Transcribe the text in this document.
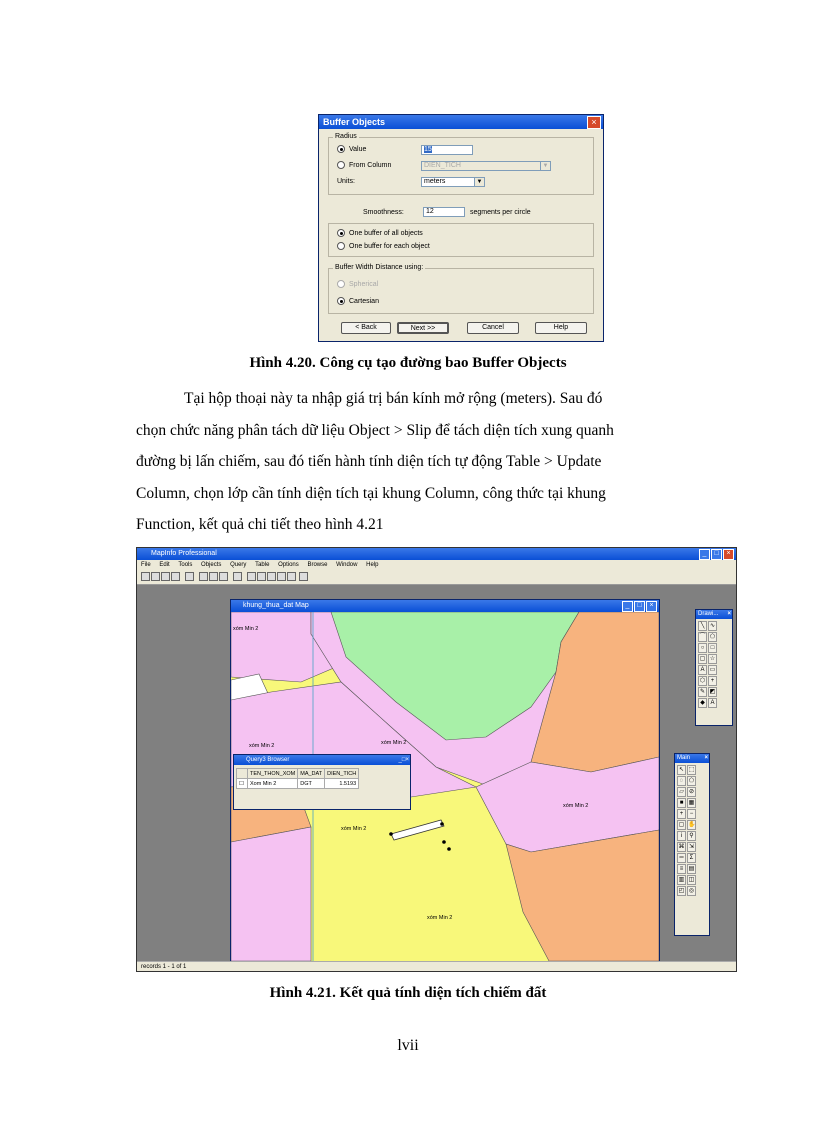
Buffer Objects	×
Radius
Value	15
From Column	DIEN_TICH	▼
Units:	meters	▼
Smoothness:	12	segments per circle
One buffer of all objects
One buffer for each object
Buffer Width Distance using:
Spherical
Cartesian
< Back	Next >>	Cancel	Help
Hình 4.20. Công cụ tạo đường bao Buffer Objects

Tại hộp thoại này ta nhập giá trị bán kính mở rộng (meters). Sau đó

chọn chức năng phân tách dữ liệu Object > Slip để tách diện tích xung quanh

đường bị lấn chiếm, sau đó tiến hành tính diện tích tự động Table > Update

Column, chọn lớp cần tính diện tích tại khung Column, công thức tại khung

Function, kết quả chi tiết theo hình 4.21

MapInfo Professional	_ □ ×
File Edit Tools Objects Query Table Options Browse Window Help
khung_thua_dat Map	_ □ ×
xóm Min 2
xóm Min 2	xóm Min 2
xóm Min 2
xóm Min 2
xóm Min 2
Query3 Browser	_□×
	TEN_THON_XOM	MA_DAT	DIEN_TICH
☐	Xom Min 2	DGT	1.5193
Drawi... ×
╲ ∿
⌒ ⬠
○	□
▢ ☆
A ▭
⬡ +
✎ ◩
◆ A
Main ×
↖ ⬚
◌ ⬠
▱ ⊘
■ ▦
+	−
▢ ✋
i	⚲
⌘ ⇲
═	Σ
≡ ▤
▥ ◫
◰ ◎
records 1 - 1 of 1
Hình 4.21. Kết quả tính diện tích chiếm đất
lvii
